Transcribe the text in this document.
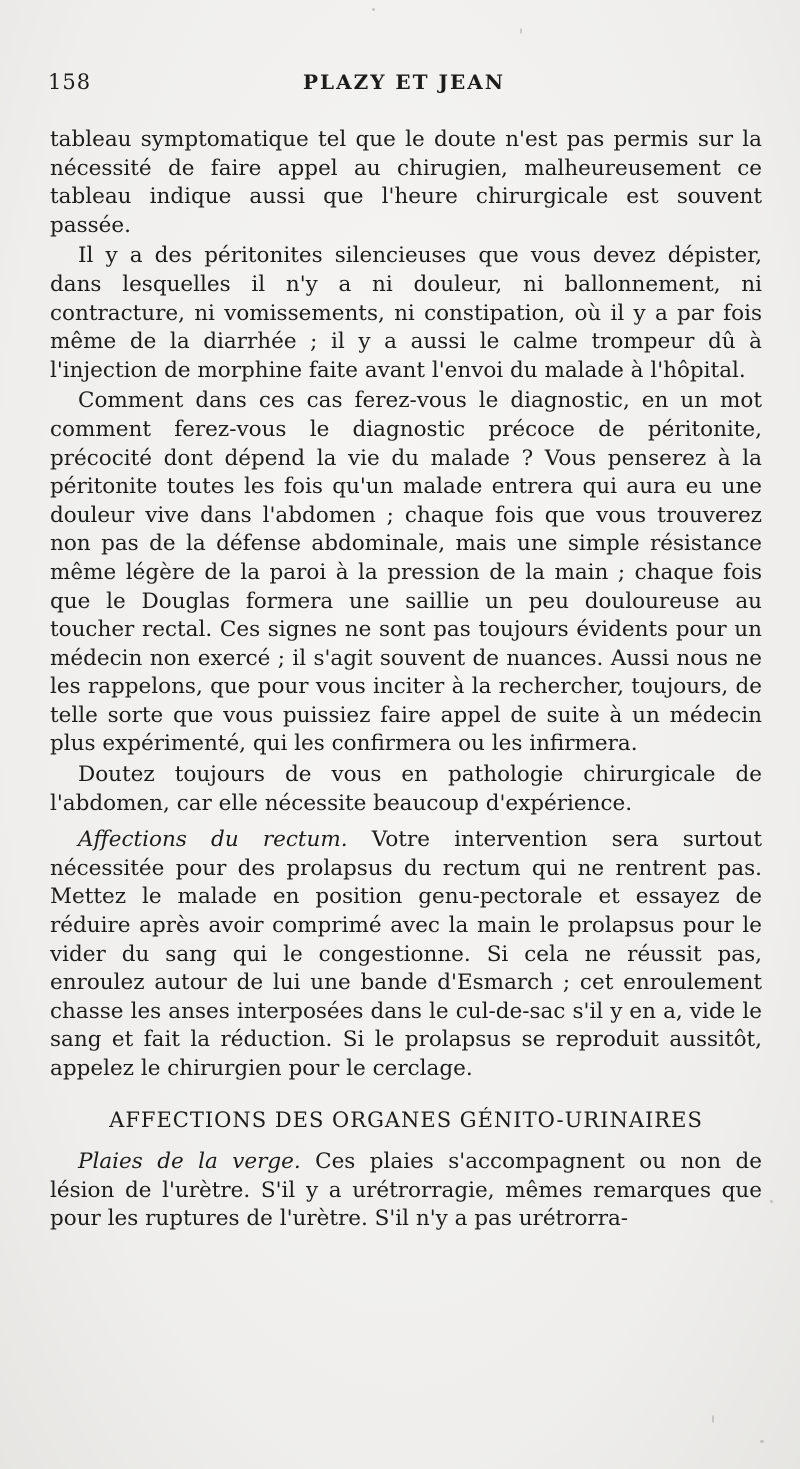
158	PLAZY ET JEAN

tableau symptomatique tel que le doute n'est pas permis sur la nécessité de faire appel au chirugien, malheureusement ce tableau indique aussi que l'heure chirurgicale est souvent passée.

Il y a des péritonites silencieuses que vous devez dépister, dans lesquelles il n'y a ni douleur, ni ballonnement, ni contracture, ni vomissements, ni constipation, où il y a par fois même de la diarrhée ; il y a aussi le calme trompeur dû à l'injection de morphine faite avant l'envoi du malade à l'hôpital.

Comment dans ces cas ferez-vous le diagnostic, en un mot comment ferez-vous le diagnostic précoce de péritonite, précocité dont dépend la vie du malade ? Vous penserez à la péritonite toutes les fois qu'un malade entrera qui aura eu une douleur vive dans l'abdomen ; chaque fois que vous trouverez non pas de la défense abdominale, mais une simple résistance même légère de la paroi à la pression de la main ; chaque fois que le Douglas formera une saillie un peu douloureuse au toucher rectal. Ces signes ne sont pas toujours évidents pour un médecin non exercé ; il s'agit souvent de nuances. Aussi nous ne les rappelons, que pour vous inciter à la rechercher, toujours, de telle sorte que vous puissiez faire appel de suite à un médecin plus expérimenté, qui les confirmera ou les infirmera.

Doutez toujours de vous en pathologie chirurgicale de l'abdomen, car elle nécessite beaucoup d'expérience.

Affections du rectum. Votre intervention sera surtout nécessitée pour des prolapsus du rectum qui ne rentrent pas. Mettez le malade en position genu-pectorale et essayez de réduire après avoir comprimé avec la main le prolapsus pour le vider du sang qui le congestionne. Si cela ne réussit pas, enroulez autour de lui une bande d'Esmarch ; cet enroulement chasse les anses interposées dans le cul-de-sac s'il y en a, vide le sang et fait la réduction. Si le prolapsus se reproduit aussitôt, appelez le chirurgien pour le cerclage.

AFFECTIONS DES ORGANES GÉNITO-URINAIRES

Plaies de la verge. Ces plaies s'accompagnent ou non de lésion de l'urètre. S'il y a urétrorragie, mêmes remarques que pour les ruptures de l'urètre. S'il n'y a pas urétrorra-
